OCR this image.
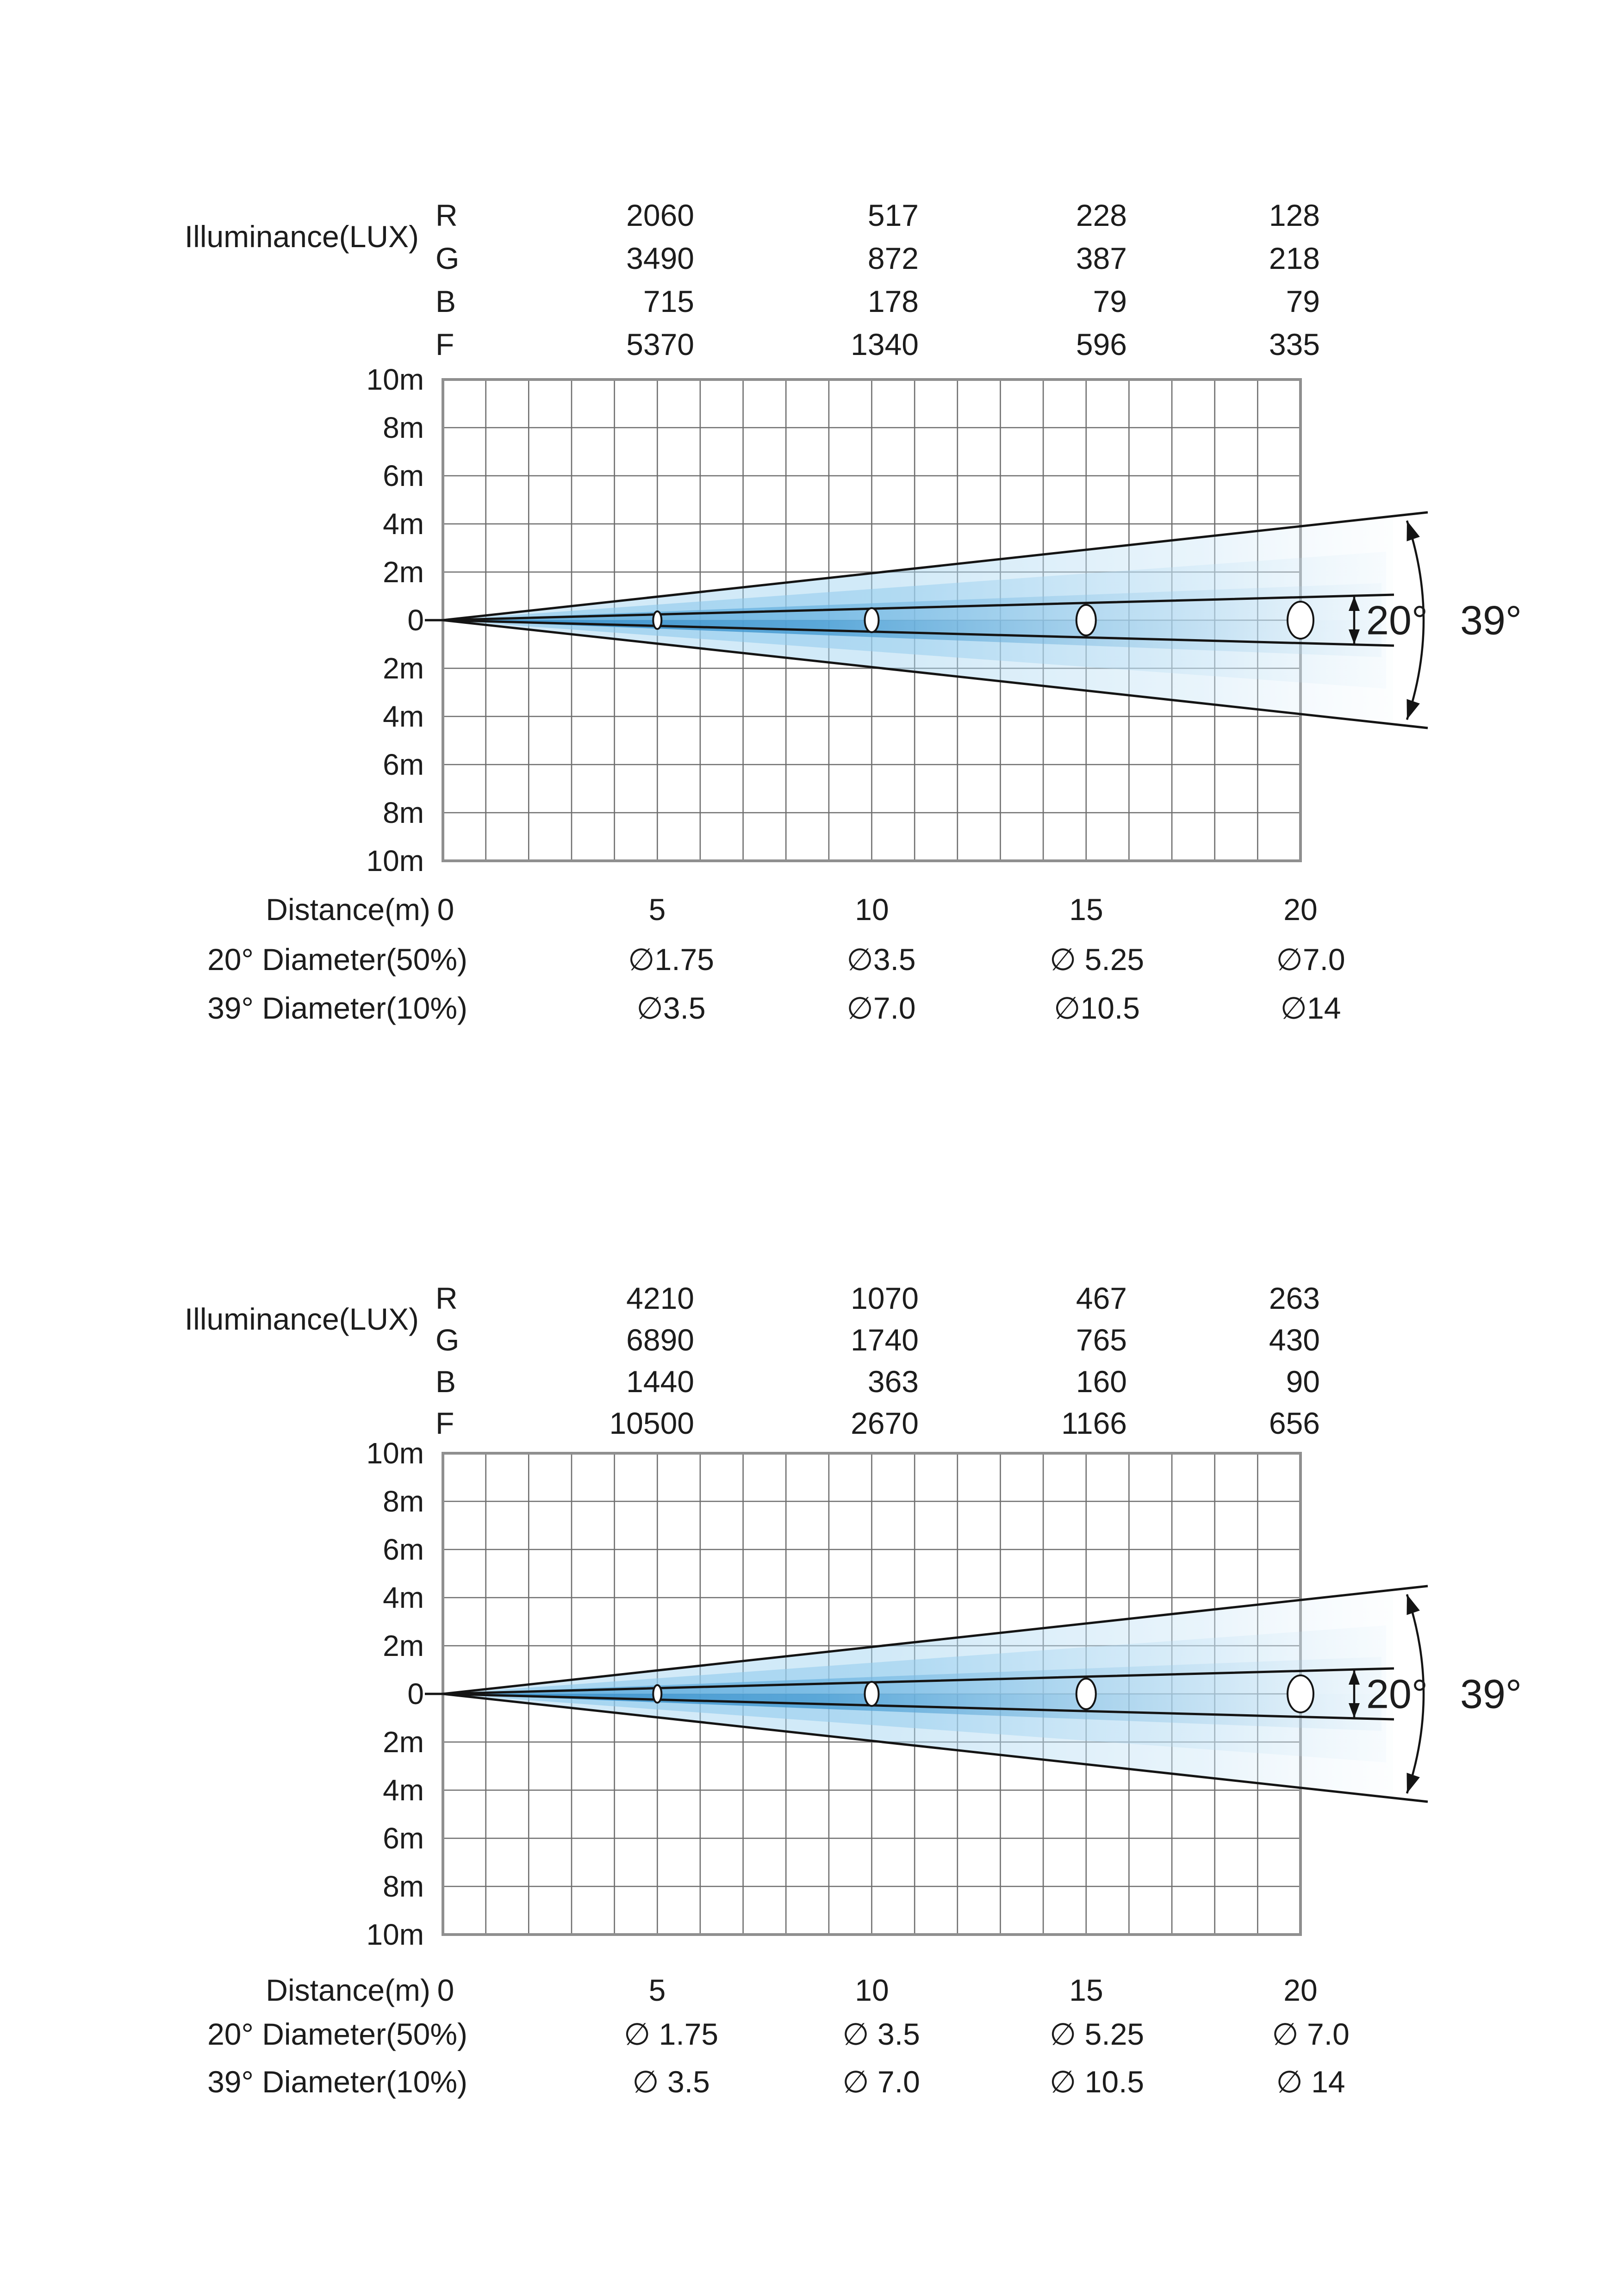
10m
8m
6m
4m
2m
0
2m
4m
6m
8m
10m
20° 39°
10m
8m
6m
4m
2m
0
2m
4m
6m
8m
10m
20° 39°
Illuminance(LUX)
R	2060	517	228	128
G	3490	872	387	218
B	715	178	79	79
F	5370	1340	596	335
Distance(m) 0	5	10	15	20
20° Diameter(50%)	∅1.75	∅3.5	∅ 5.25	∅7.0
39° Diameter(10%)	∅3.5	∅7.0	∅10.5	∅14
Illuminance(LUX)
R	4210	1070	467	263
G	6890	1740	765	430
B	1440	363	160	90
F	10500	2670	1166	656
Distance(m) 0	5	10	15	20
20° Diameter(50%)	∅ 1.75	∅ 3.5	∅ 5.25	∅ 7.0
39° Diameter(10%)	∅ 3.5	∅ 7.0	∅ 10.5	∅ 14
